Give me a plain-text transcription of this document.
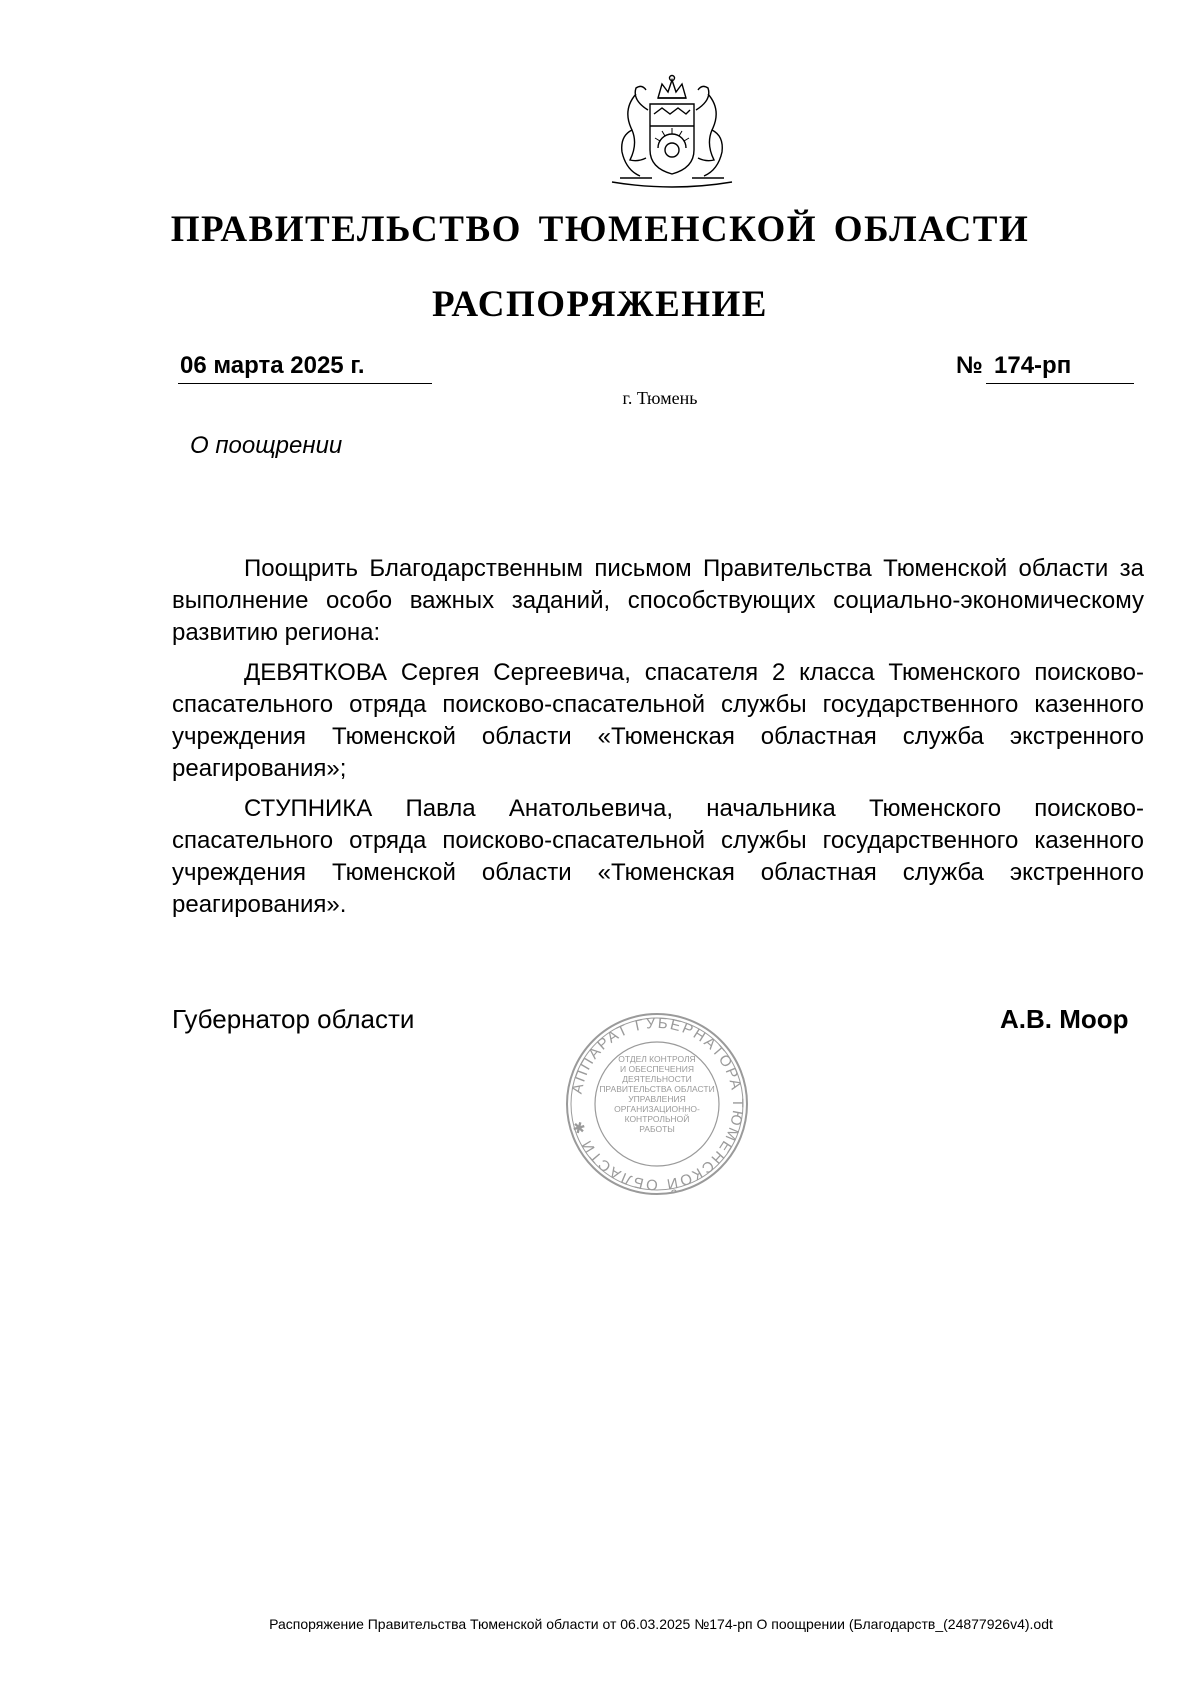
ПРАВИТЕЛЬСТВО ТЮМЕНСКОЙ ОБЛАСТИ
РАСПОРЯЖЕНИЕ
06 марта 2025 г.	№ 174-рп
г. Тюмень
О поощрении

Поощрить Благодарственным письмом Правительства Тюменской области за выполнение особо важных заданий, способствующих социально-экономическому развитию региона:

ДЕВЯТКОВА Сергея Сергеевича, спасателя 2 класса Тюменского поисково-спасательного отряда поисково-спасательной службы государственного казенного учреждения Тюменской области «Тюменская областная служба экстренного реагирования»;

СТУПНИКА Павла Анатольевича, начальника Тюменского поисково-спасательного отряда поисково-спасательной службы государственного казенного учреждения Тюменской области «Тюменская областная служба экстренного реагирования».

Губернатор области	А.В. Моор
АППАРАТ ГУБЕРНАТОРА ТЮМЕНСКОЙ ОБЛАСТИ ✱
ОТДЕЛ КОНТРОЛЯ
И ОБЕСПЕЧЕНИЯ
ДЕЯТЕЛЬНОСТИ
ПРАВИТЕЛЬСТВА ОБЛАСТИ
УПРАВЛЕНИЯ
ОРГАНИЗАЦИОННО-
КОНТРОЛЬНОЙ
РАБОТЫ
Распоряжение Правительства Тюменской области от 06.03.2025 №174-рп О поощрении (Благодарств_(24877926v4).odt
